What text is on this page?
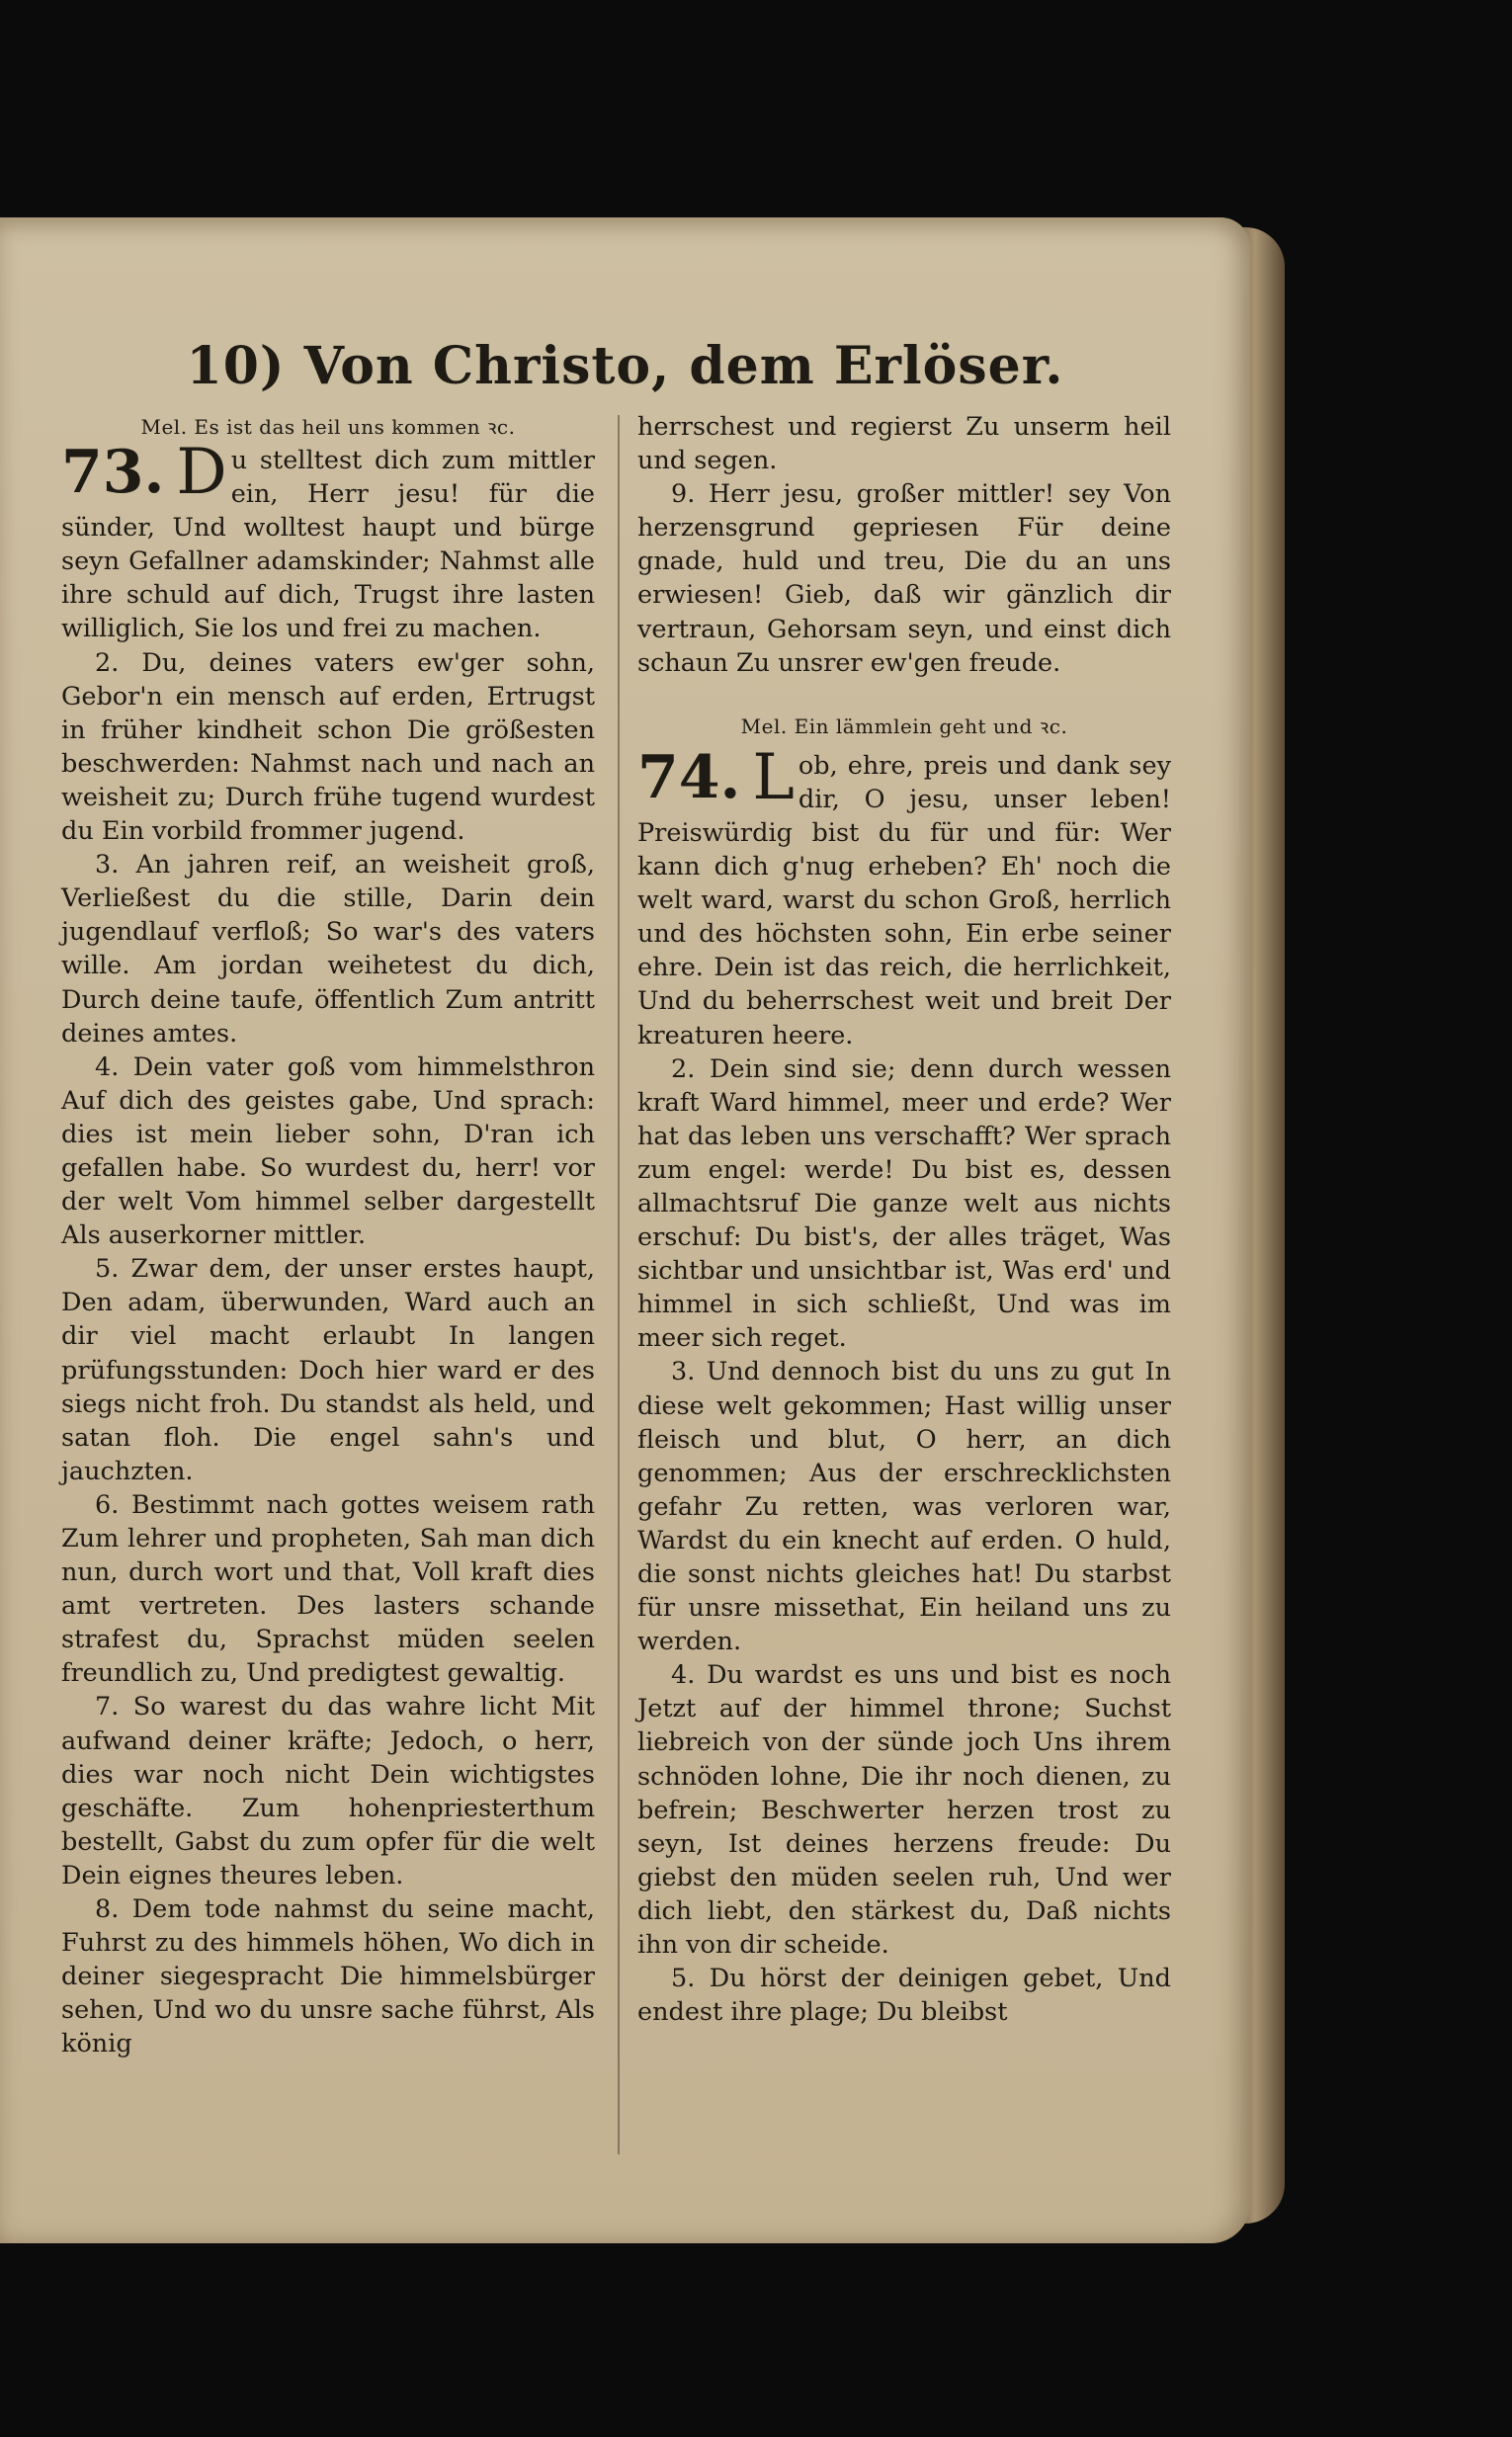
10) Von Christo, dem Erlöser.
Mel. Es ist das heil uns kommen ꝛc.

73. D u stelltest dich zum mittler ein, Herr jesu! für die sünder, Und wolltest haupt und bürge seyn Gefallner adamskinder; Nahmst alle ihre schuld auf dich, Trugst ihre lasten williglich, Sie los und frei zu machen.

2. Du, deines vaters ew'ger sohn, Gebor'n ein mensch auf erden, Ertrugst in früher kindheit schon Die größesten beschwerden: Nahmst nach und nach an weisheit zu; Durch frühe tugend wurdest du Ein vorbild frommer jugend.

3. An jahren reif, an weisheit groß, Verließest du die stille, Darin dein jugendlauf verfloß; So war's des vaters wille. Am jordan weihetest du dich, Durch deine taufe, öffentlich Zum antritt deines amtes.

4. Dein vater goß vom himmelsthron Auf dich des geistes gabe, Und sprach: dies ist mein lieber sohn, D'ran ich gefallen habe. So wurdest du, herr! vor der welt Vom himmel selber dargestellt Als auserkorner mittler.

5. Zwar dem, der unser erstes haupt, Den adam, überwunden, Ward auch an dir viel macht erlaubt In langen prüfungsstunden: Doch hier ward er des siegs nicht froh. Du standst als held, und satan floh. Die engel sahn's und jauchzten.

6. Bestimmt nach gottes weisem rath Zum lehrer und propheten, Sah man dich nun, durch wort und that, Voll kraft dies amt vertreten. Des lasters schande strafest du, Sprachst müden seelen freundlich zu, Und predigtest gewaltig.

7. So warest du das wahre licht Mit aufwand deiner kräfte; Jedoch, o herr, dies war noch nicht Dein wichtigstes geschäfte. Zum hohenpriesterthum bestellt, Gabst du zum opfer für die welt Dein eignes theures leben.

8. Dem tode nahmst du seine macht, Fuhrst zu des himmels höhen, Wo dich in deiner siegespracht Die himmelsbürger sehen, Und wo du unsre sache führst, Als könig

herrschest und regierst Zu unserm heil und segen.

9. Herr jesu, großer mittler! sey Von herzensgrund gepriesen Für deine gnade, huld und treu, Die du an uns erwiesen! Gieb, daß wir gänzlich dir vertraun, Gehorsam seyn, und einst dich schaun Zu unsrer ew'gen freude.

Mel. Ein lämmlein geht und ꝛc.

74. L ob, ehre, preis und dank sey dir, O jesu, unser leben! Preiswürdig bist du für und für: Wer kann dich g'nug erheben? Eh' noch die welt ward, warst du schon Groß, herrlich und des höchsten sohn, Ein erbe seiner ehre. Dein ist das reich, die herrlichkeit, Und du beherrschest weit und breit Der kreaturen heere.

2. Dein sind sie; denn durch wessen kraft Ward himmel, meer und erde? Wer hat das leben uns verschafft? Wer sprach zum engel: werde! Du bist es, dessen allmachtsruf Die ganze welt aus nichts erschuf: Du bist's, der alles träget, Was sichtbar und unsichtbar ist, Was erd' und himmel in sich schließt, Und was im meer sich reget.

3. Und dennoch bist du uns zu gut In diese welt gekommen; Hast willig unser fleisch und blut, O herr, an dich genommen; Aus der erschrecklichsten gefahr Zu retten, was verloren war, Wardst du ein knecht auf erden. O huld, die sonst nichts gleiches hat! Du starbst für unsre missethat, Ein heiland uns zu werden.

4. Du wardst es uns und bist es noch Jetzt auf der himmel throne; Suchst liebreich von der sünde joch Uns ihrem schnöden lohne, Die ihr noch dienen, zu befrein; Beschwerter herzen trost zu seyn, Ist deines herzens freude: Du giebst den müden seelen ruh, Und wer dich liebt, den stärkest du, Daß nichts ihn von dir scheide.

5. Du hörst der deinigen gebet, Und endest ihre plage; Du bleibst
